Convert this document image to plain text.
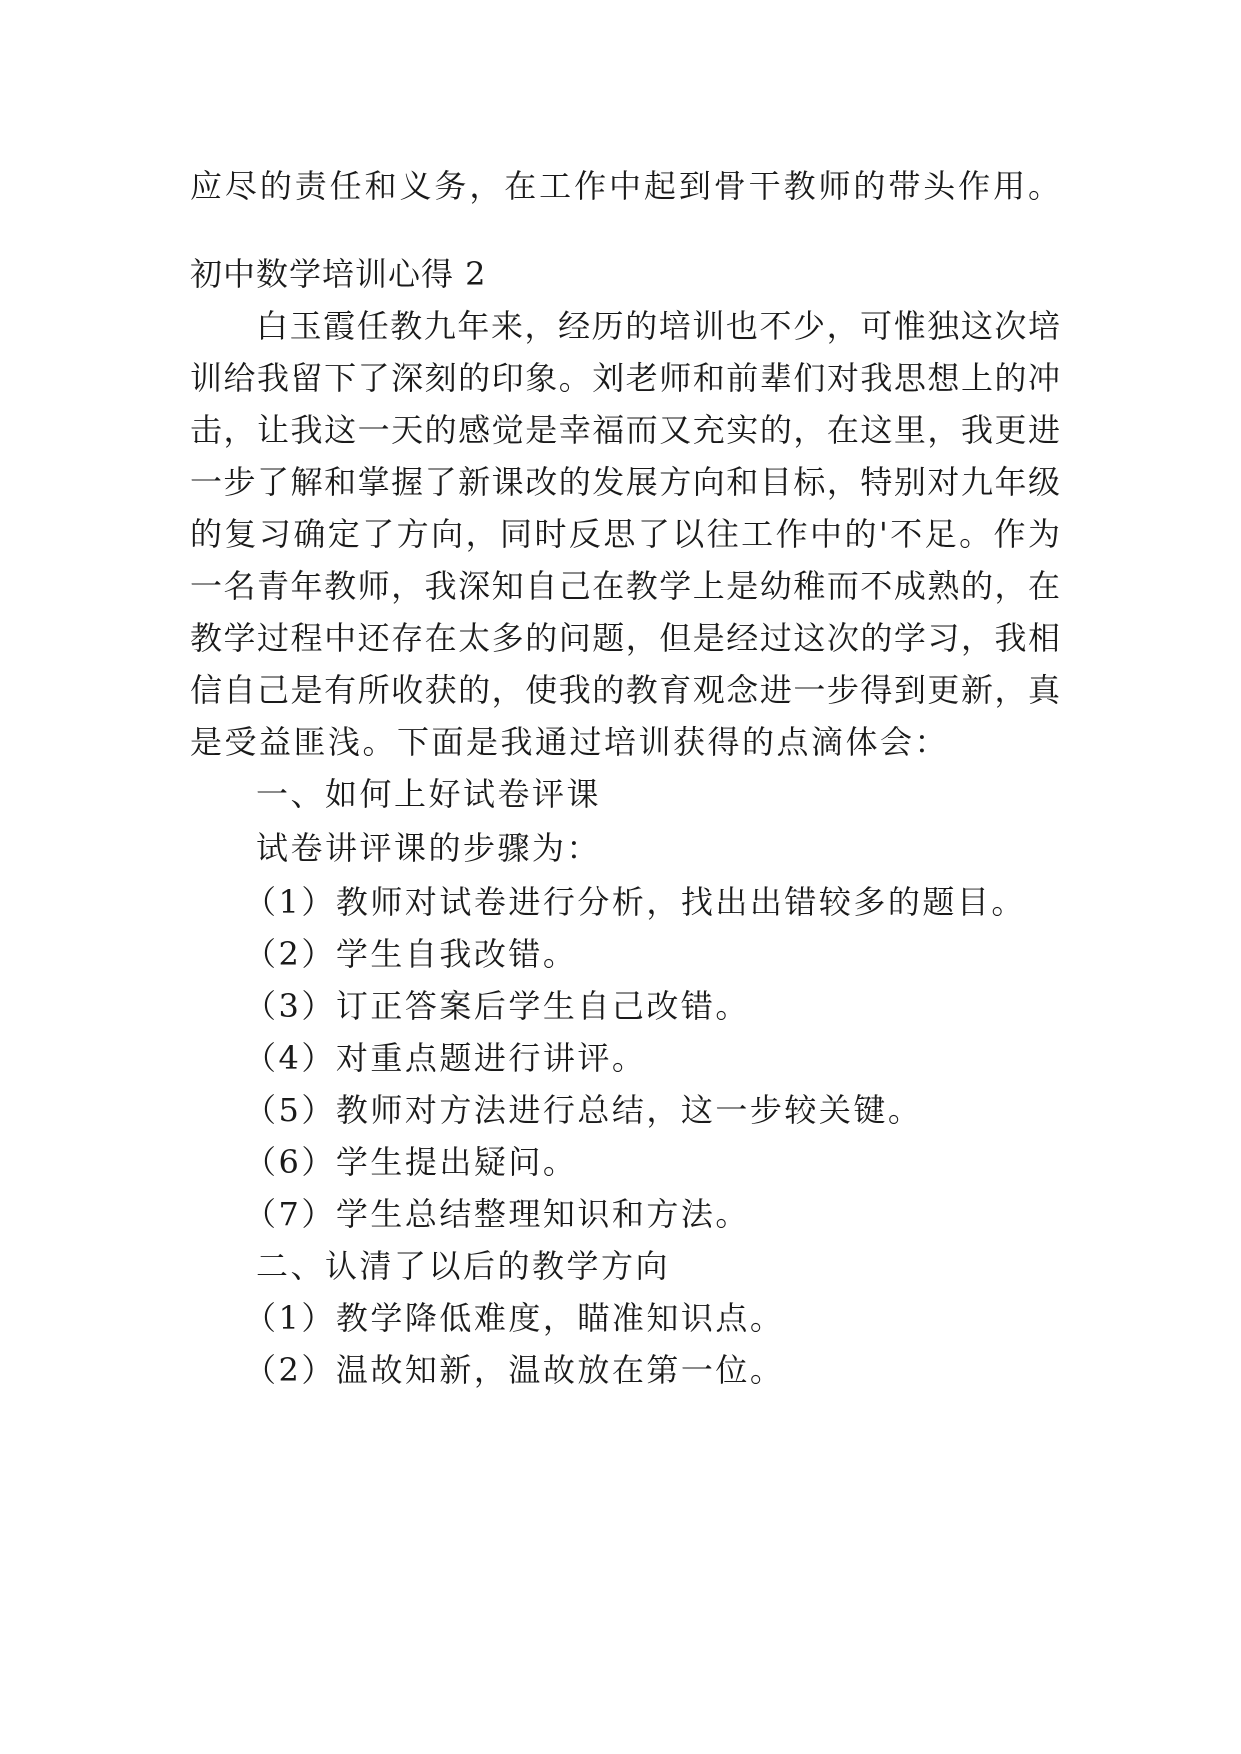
应尽的责任和义务，在工作中起到骨干教师的带头作用。
初中数学培训心得 2
白玉霞任教九年来，经历的培训也不少，可惟独这次培
训给我留下了深刻的印象。刘老师和前辈们对我思想上的冲
击，让我这一天的感觉是幸福而又充实的，在这里，我更进
一步了解和掌握了新课改的发展方向和目标，特别对九年级
的复习确定了方向，同时反思了以往工作中的'不足。作为
一名青年教师，我深知自己在教学上是幼稚而不成熟的，在
教学过程中还存在太多的问题，但是经过这次的学习，我相
信自己是有所收获的，使我的教育观念进一步得到更新，真
是受益匪浅。下面是我通过培训获得的点滴体会：
一、如何上好试卷评课
试卷讲评课的步骤为：
（1）教师对试卷进行分析，找出出错较多的题目。
（2）学生自我改错。
（3）订正答案后学生自己改错。
（4）对重点题进行讲评。
（5）教师对方法进行总结，这一步较关键。
（6）学生提出疑问。
（7）学生总结整理知识和方法。
二、认清了以后的教学方向
（1）教学降低难度，瞄准知识点。
（2）温故知新，温故放在第一位。
